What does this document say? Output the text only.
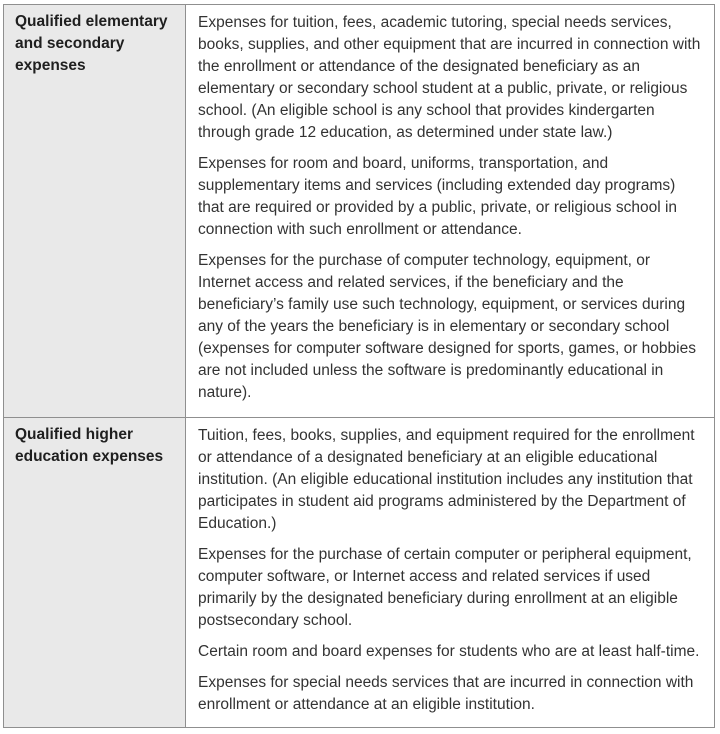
Qualified elementary and secondary expenses

Expenses for tuition, fees, academic tutoring, special needs services, books, supplies, and other equipment that are incurred in connection with the enrollment or attendance of the designated beneficiary as an elementary or secondary school student at a public, private, or religious school. (An eligible school is any school that provides kindergarten through grade 12 education, as determined under state law.)

Expenses for room and board, uniforms, transportation, and supplementary items and services (including extended day programs) that are required or provided by a public, private, or religious school in connection with such enrollment or attendance.

Expenses for the purchase of computer technology, equipment, or Internet access and related services, if the beneficiary and the beneficiary’s family use such technology, equipment, or services during any of the years the beneficiary is in elementary or secondary school (expenses for computer software designed for sports, games, or hobbies are not included unless the software is predominantly educational in nature).

Qualified higher education expenses

Tuition, fees, books, supplies, and equipment required for the enrollment or attendance of a designated beneficiary at an eligible educational institution. (An eligible educational institution includes any institution that participates in student aid programs administered by the Department of Education.)

Expenses for the purchase of certain computer or peripheral equipment, computer software, or Internet access and related services if used primarily by the designated beneficiary during enrollment at an eligible postsecondary school.

Certain room and board expenses for students who are at least half-time.

Expenses for special needs services that are incurred in connection with enrollment or attendance at an eligible institution.
